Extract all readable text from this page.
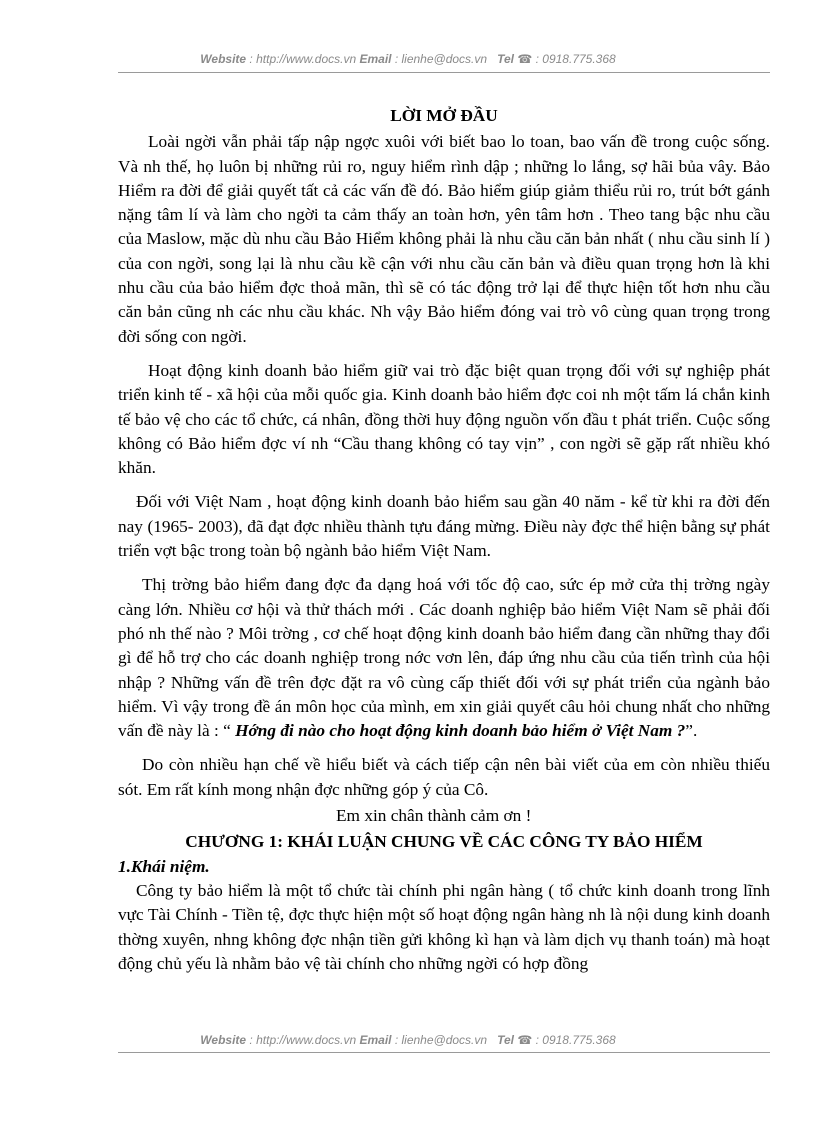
Website : http://www.docs.vn Email : lienhe@docs.vn   Tel ☎ : 0918.775.368
LỜI MỞ ĐẦU

Loài ngời vẫn phải tấp nập ngợc xuôi với biết bao lo toan, bao vấn đề trong cuộc sống. Và nh thế, họ luôn bị những rủi ro, nguy hiểm rình dập ; những lo lắng, sợ hãi bủa vây. Bảo Hiểm ra đời để giải quyết tất cả các vấn đề đó. Bảo hiểm giúp giảm thiểu rủi ro, trút bớt gánh nặng tâm lí và làm cho ngời ta cảm thấy an toàn hơn, yên tâm hơn . Theo tang bậc nhu cầu của Maslow, mặc dù nhu cầu Bảo Hiểm không phải là nhu cầu căn bản nhất ( nhu cầu sinh lí ) của con ngời, song lại là nhu cầu kề cận với nhu cầu căn bản và điều quan trọng hơn là khi nhu cầu của bảo hiểm đợc thoả mãn, thì sẽ có tác động trở lại để thực hiện tốt hơn nhu cầu căn bản cũng nh các nhu cầu khác. Nh vậy Bảo hiểm đóng vai trò vô cùng quan trọng trong đời sống con ngời.

Hoạt động kinh doanh bảo hiểm giữ vai trò đặc biệt quan trọng đối với sự nghiệp phát triển kinh tế - xã hội của mỗi quốc gia. Kinh doanh bảo hiểm đợc coi nh một tấm lá chắn kinh tế bảo vệ cho các tổ chức, cá nhân, đồng thời huy động nguồn vốn đầu t phát triển. Cuộc sống không có Bảo hiểm đợc ví nh “Cầu thang không có tay vịn” , con ngời sẽ gặp rất nhiều khó khăn.

Đối với Việt Nam , hoạt động kinh doanh bảo hiểm sau gần 40 năm - kể từ khi ra đời đến nay (1965- 2003), đã đạt đợc nhiều thành tựu đáng mừng. Điều này đợc thể hiện bằng sự phát triển vợt bậc trong toàn bộ ngành bảo hiểm Việt Nam.

Thị trờng bảo hiểm đang đợc đa dạng hoá với tốc độ cao, sức ép mở cửa thị trờng ngày càng lớn. Nhiều cơ hội và thử thách mới . Các doanh nghiệp bảo hiểm Việt Nam sẽ phải đối phó nh thế nào ? Môi trờng , cơ chế hoạt động kinh doanh bảo hiểm đang cần những thay đổi gì để hỗ trợ cho các doanh nghiệp trong nớc vơn lên, đáp ứng nhu cầu của tiến trình của hội nhập ? Những vấn đề trên đợc đặt ra vô cùng cấp thiết đối với sự phát triển của ngành bảo hiểm. Vì vậy trong đề án môn học của mình, em xin giải quyết câu hỏi chung nhất cho những vấn đề này là : “ Hớng đi nào cho hoạt động kinh doanh bảo hiểm ở Việt Nam ?”.

Do còn nhiều hạn chế về hiểu biết và cách tiếp cận nên bài viết của em còn nhiều thiếu sót. Em rất kính mong nhận đợc những góp ý của Cô.

Em xin chân thành cảm ơn !
CHƯƠNG 1: KHÁI LUẬN CHUNG VỀ CÁC CÔNG TY BẢO HIỂM
1.Khái niệm.

Công ty bảo hiểm là một tổ chức tài chính phi ngân hàng ( tổ chức kinh doanh trong lĩnh vực Tài Chính - Tiền tệ, đợc thực hiện một số hoạt động ngân hàng nh là nội dung kinh doanh thờng xuyên, nhng không đợc nhận tiền gửi không kì hạn và làm dịch vụ thanh toán) mà hoạt động chủ yếu là nhằm bảo vệ tài chính cho những ngời có hợp đồng

Website : http://www.docs.vn Email : lienhe@docs.vn   Tel ☎ : 0918.775.368
